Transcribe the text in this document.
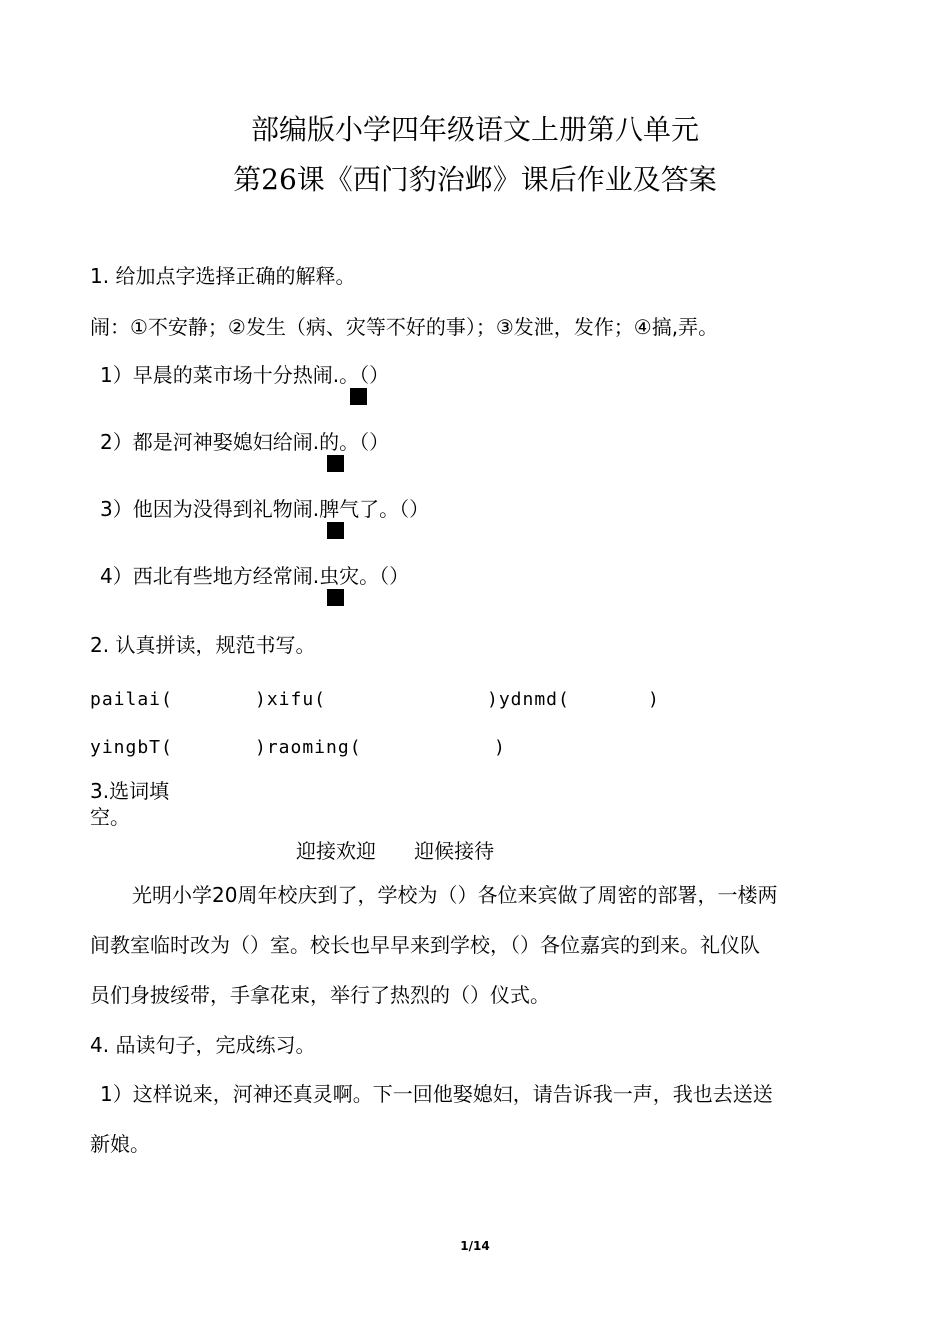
部编版小学四年级语文上册第八单元
第26课《西门豹治邺》课后作业及答案
1. 给加点字选择正确的解释。
闹：①不安静；②发生（病、灾等不好的事）；③发泄，发作；④搞,弄。
1）早晨的菜市场十分热闹.。（）
2）都是河神娶媳妇给闹.的。（）
3）他因为没得到礼物闹.脾气了。（）
4）西北有些地方经常闹.虫灾。（）
2. 认真拼读，规范书写。
pailai(	)xifu(	)ydnmd(	)
yingbT(	)raoming(	)
3.选词填
空。
迎接欢迎      迎候接待
光明小学20周年校庆到了，学校为（）各位来宾做了周密的部署，一楼两
间教室临时改为（）室。校长也早早来到学校，（）各位嘉宾的到来。礼仪队
员们身披绥带，手拿花束，举行了热烈的（）仪式。
4. 品读句子，完成练习。
1）这样说来，河神还真灵啊。下一回他娶媳妇，请告诉我一声，我也去送送
新娘。
1/14
